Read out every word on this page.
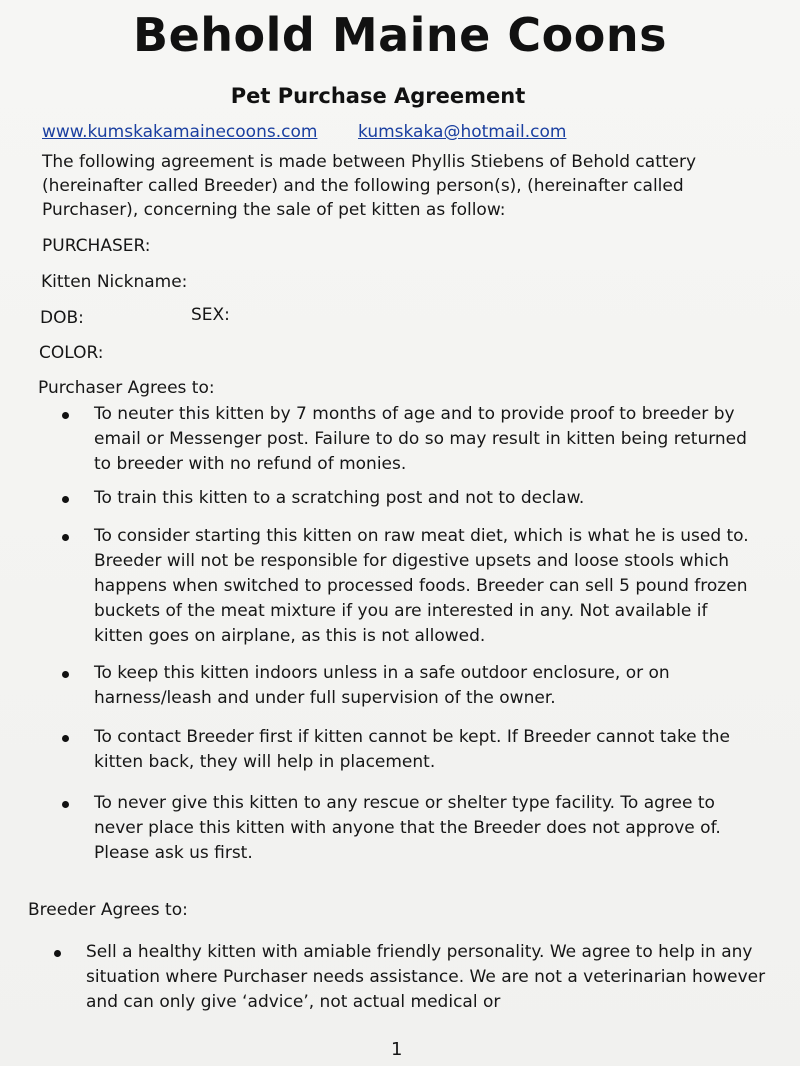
Behold Maine Coons
Pet Purchase Agreement
www.kumskakamainecoons.com kumskaka@hotmail.com
The following agreement is made between Phyllis Stiebens of Behold cattery (hereinafter called Breeder) and the following person(s), (hereinafter called Purchaser), concerning the sale of pet kitten as follow:
PURCHASER:
Kitten Nickname:
DOB:	SEX:
COLOR:
Purchaser Agrees to:
To neuter this kitten by 7 months of age and to provide proof to breeder by email or Messenger post. Failure to do so may result in kitten being returned to breeder with no refund of monies.
To train this kitten to a scratching post and not to declaw.
To consider starting this kitten on raw meat diet, which is what he is used to. Breeder will not be responsible for digestive upsets and loose stools which happens when switched to processed foods. Breeder can sell 5 pound frozen buckets of the meat mixture if you are interested in any. Not available if kitten goes on airplane, as this is not allowed.
To keep this kitten indoors unless in a safe outdoor enclosure, or on harness/leash and under full supervision of the owner.
To contact Breeder first if kitten cannot be kept. If Breeder cannot take the kitten back, they will help in placement.
To never give this kitten to any rescue or shelter type facility. To agree to never place this kitten with anyone that the Breeder does not approve of. Please ask us first.
Breeder Agrees to:
Sell a healthy kitten with amiable friendly personality. We agree to help in any situation where Purchaser needs assistance. We are not a veterinarian however and can only give ‘advice’, not actual medical or
1
